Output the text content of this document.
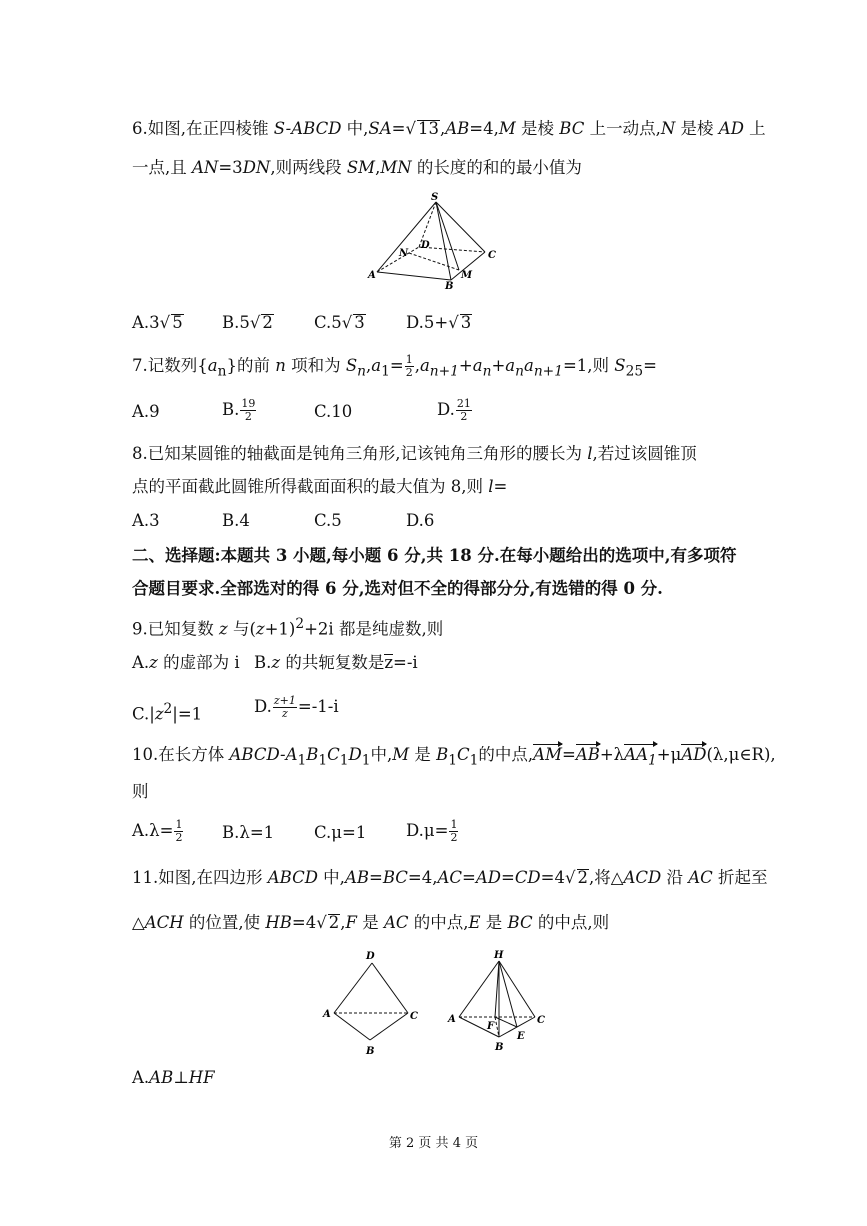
6.如图,在正四棱锥 S-ABCD 中,SA=√ 13,AB=4,M 是棱 BC 上一动点,N 是棱 AD 上
一点,且 AN=3DN,则两线段 SM,MN 的长度的和的最小值为
S
D
N	C
A	M
B
A.3√ 5 B.5√ 2 C.5√ 3 D.5+√ 3
7.记数列$\{a_n\}$的前 n 项和为 $S_n,a_1= \frac{1}{2} ,a_{n+1}+a_n+a_na_{n+1}=1$,则 $S_{25}=$
A.9	B. $\frac{19}{2}$	C.10	D. $\frac{21}{2}$
8.已知某圆锥的轴截面是钝角三角形,记该钝角三角形的腰长为 l,若过该圆锥顶
点的平面截此圆锥所得截面面积的最大值为 8,则 l=
A.3	B.4	C.5	D.6
二、选择题:本题共 3 小题,每小题 6 分,共 18 分.在每小题给出的选项中,有多项符
合题目要求.全部选对的得 6 分,选对但不全的得部分分,有选错的得 0 分.
9.已知复数 z 与$(z+1)^2+2i$ 都是纯虚数,则
A.z 的虚部为 i B.z 的共轭复数是z=-i
$C.|z^2|=1$	D. $\frac{z+1}{z} =-1-i$
10.在长方体 ABCD-$A_1B_1C_1D_1$中,M 是 $B_1C_1$的中点,AM=AB+λAA$_1$+μAD(λ,μ∈R),
则
$A.\lambda= \frac{1}{2} B.\lambda=1$ C.μ=1 $D.\mu= \frac{1}{2}$
11.如图,在四边形 ABCD 中,AB=BC=4,AC=AD=CD=4√ 2,将△ACD 沿 AC 折起至
△ACH 的位置,使 HB=4√ 2,F 是 AC 的中点,E 是 BC 的中点,则
D
A	C
B
H
A
F
C
E
B
A.AB⊥HF
第 2 页 共 4 页
